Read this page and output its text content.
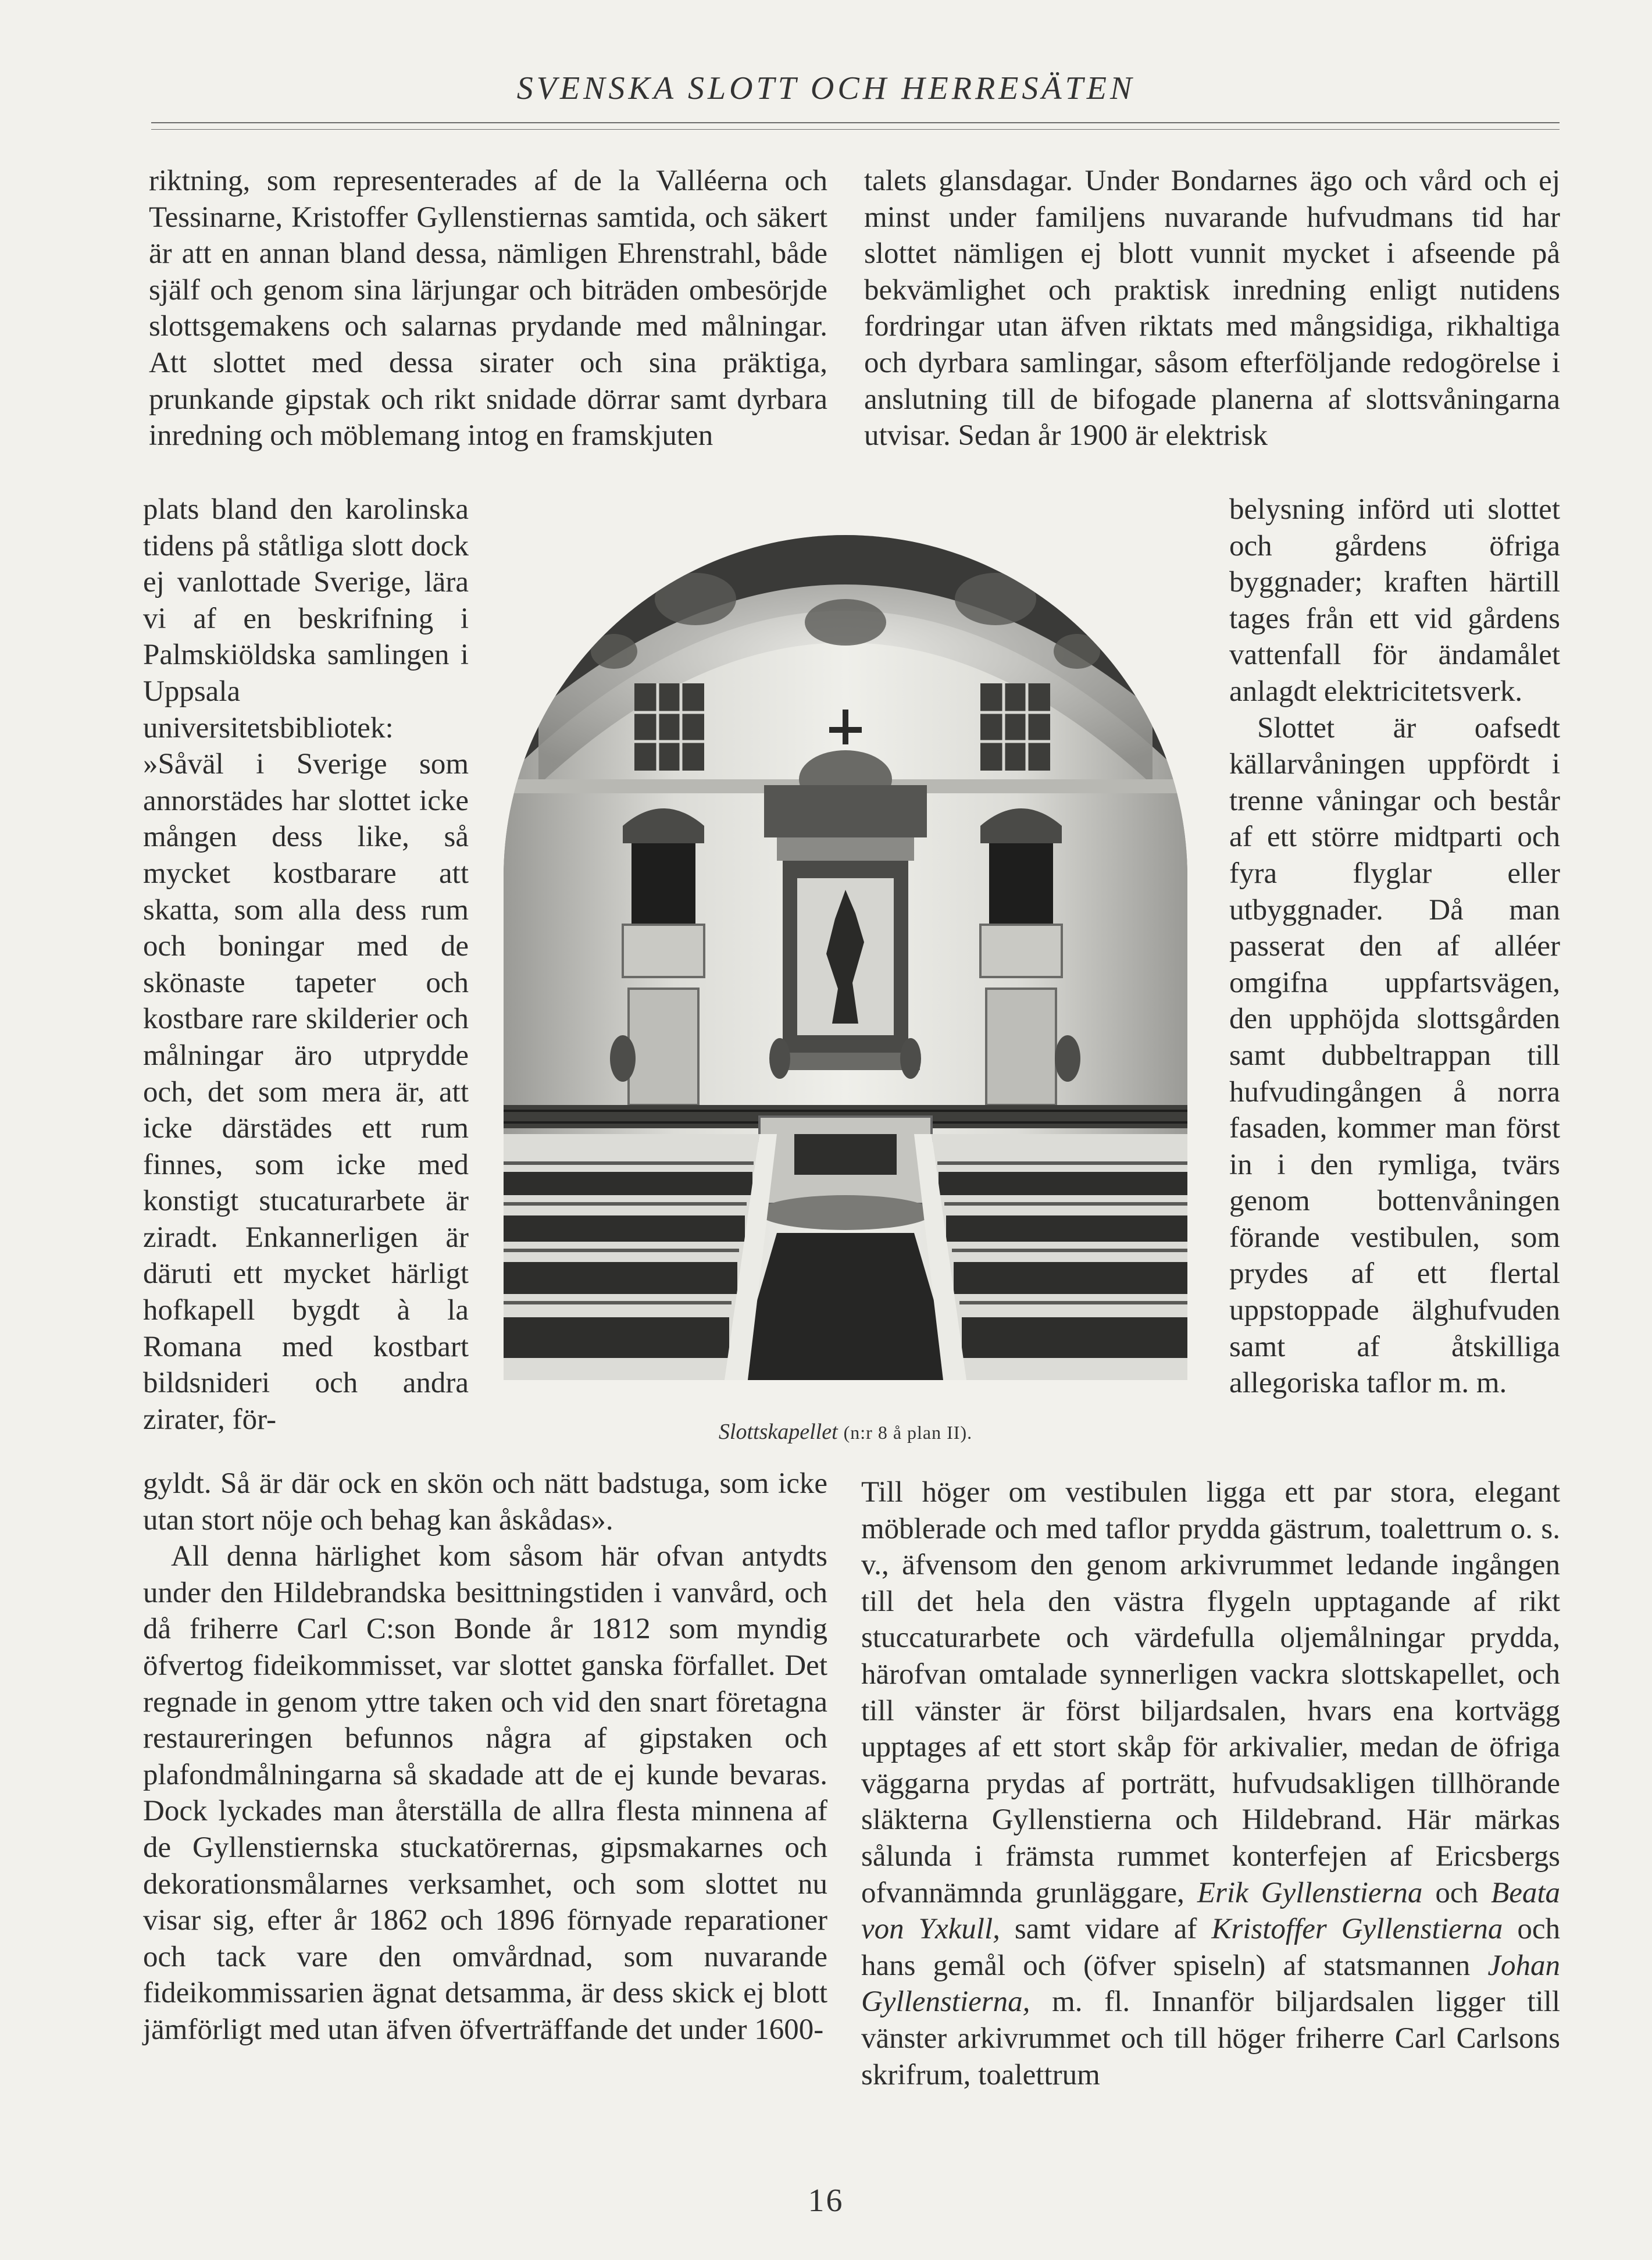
SVENSKA SLOTT OCH HERRESÄTEN

riktning, som representerades af de la Valléerna och Tessinarne, Kristoffer Gyllenstiernas samtida, och säkert är att en annan bland dessa, nämligen Ehrenstrahl, både själf och genom sina lärjungar och biträden ombesörjde slottsgemakens och salarnas prydande med målningar. Att slottet med dessa sirater och sina präktiga, prunkande gipstak och rikt snidade dörrar samt dyrbara inredning och möblemang intog en framskjuten

plats bland den karolinska tidens på ståtliga slott dock ej vanlottade Sverige, lära vi af en beskrifning i Palmskiöldska samlingen i Uppsala universitetsbibliotek: »Såväl i Sverige som annorstädes har slottet icke mången dess like, så mycket kostbarare att skatta, som alla dess rum och boningar med de skönaste tapeter och kostbare rare skilderier och målningar äro utprydde och, det som mera är, att icke därstädes ett rum finnes, som icke med konstigt stucaturarbete är ziradt. Enkannerligen är däruti ett mycket härligt hofkapell bygdt à la Romana med kostbart bildsnideri och andra zirater, för-

gyldt. Så är där ock en skön och nätt badstuga, som icke utan stort nöje och behag kan åskådas».

All denna härlighet kom såsom här ofvan antydts under den Hildebrandska besittningstiden i vanvård, och då friherre Carl C:son Bonde år 1812 som myndig öfvertog fideikommisset, var slottet ganska förfallet. Det regnade in genom yttre taken och vid den snart företagna restaureringen befunnos några af gipstaken och plafondmålningarna så skadade att de ej kunde bevaras. Dock lyckades man återställa de allra flesta minnena af de Gyllenstiernska stuckatörernas, gipsmakarnes och dekorationsmålarnes verksamhet, och som slottet nu visar sig, efter år 1862 och 1896 förnyade reparationer och tack vare den omvårdnad, som nuvarande fideikommissarien ägnat detsamma, är dess skick ej blott jämförligt med utan äfven öfverträffande det under 1600-

talets glansdagar. Under Bondarnes ägo och vård och ej minst under familjens nuvarande hufvudmans tid har slottet nämligen ej blott vunnit mycket i afseende på bekvämlighet och praktisk inredning enligt nutidens fordringar utan äfven riktats med mångsidiga, rikhaltiga och dyrbara samlingar, såsom efterföljande redogörelse i anslutning till de bifogade planerna af slottsvåningarna utvisar. Sedan år 1900 är elektrisk

belysning införd uti slottet och gårdens öfriga byggnader; kraften härtill tages från ett vid gårdens vattenfall för ändamålet anlagdt elektricitetsverk.

Slottet är oafsedt källarvåningen uppfördt i trenne våningar och består af ett större midtparti och fyra flyglar eller utbyggnader. Då man passerat den af alléer omgifna uppfartsvägen, den upphöjda slottsgården samt dubbeltrappan till hufvudingången å norra fasaden, kommer man först in i den rymliga, tvärs genom bottenvåningen förande vestibulen, som prydes af ett flertal uppstoppade älghufvuden samt af åtskilliga allegoriska taflor m. m.

Till höger om vestibulen ligga ett par stora, elegant möblerade och med taflor prydda gästrum, toalettrum o. s. v., äfvensom den genom arkivrummet ledande ingången till det hela den västra flygeln upptagande af rikt stuccaturarbete och värdefulla oljemålningar prydda, härofvan omtalade synnerligen vackra slottskapellet, och till vänster är först biljardsalen, hvars ena kortvägg upptages af ett stort skåp för arkivalier, medan de öfriga väggarna prydas af porträtt, hufvudsakligen tillhörande släkterna Gyllenstierna och Hildebrand. Här märkas sålunda i främsta rummet konterfejen af Ericsbergs ofvannämnda grunläggare, Erik Gyllenstierna och Beata von Yxkull, samt vidare af Kristoffer Gyllenstierna och hans gemål och (öfver spiseln) af statsmannen Johan Gyllenstierna, m. fl. Innanför biljardsalen ligger till vänster arkivrummet och till höger friherre Carl Carlsons skrifrum, toalettrum

Slottskapellet (n:r 8 å plan II).
16
